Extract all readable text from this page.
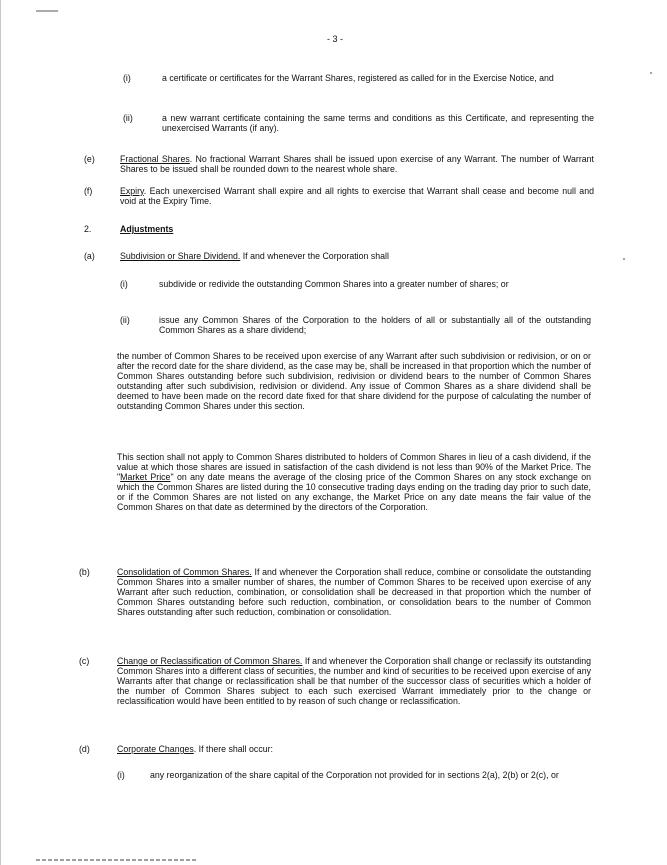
- 3 -
(i)	a certificate or certificates for the Warrant Shares, registered as called for in the Exercise Notice, and
(ii)	a new warrant certificate containing the same terms and conditions as this Certificate, and representing the unexercised Warrants (if any).
(e)	Fractional Shares. No fractional Warrant Shares shall be issued upon exercise of any Warrant. The number of Warrant Shares to be issued shall be rounded down to the nearest whole share.
(f)	Expiry. Each unexercised Warrant shall expire and all rights to exercise that Warrant shall cease and become null and void at the Expiry Time.
2.	Adjustments
(a)	Subdivision or Share Dividend. If and whenever the Corporation shall
(i)	subdivide or redivide the outstanding Common Shares into a greater number of shares; or
(ii)	issue any Common Shares of the Corporation to the holders of all or substantially all of the outstanding Common Shares as a share dividend;
the number of Common Shares to be received upon exercise of any Warrant after such subdivision or redivision, or on or after the record date for the share dividend, as the case may be, shall be increased in that proportion which the number of Common Shares outstanding before such subdivision, redivision or dividend bears to the number of Common Shares outstanding after such subdivision, redivision or dividend. Any issue of Common Shares as a share dividend shall be deemed to have been made on the record date fixed for that share dividend for the purpose of calculating the number of outstanding Common Shares under this section.
This section shall not apply to Common Shares distributed to holders of Common Shares in lieu of a cash dividend, if the value at which those shares are issued in satisfaction of the cash dividend is not less than 90% of the Market Price. The "Market Price" on any date means the average of the closing price of the Common Shares on any stock exchange on which the Common Shares are listed during the 10 consecutive trading days ending on the trading day prior to such date, or if the Common Shares are not listed on any exchange, the Market Price on any date means the fair value of the Common Shares on that date as determined by the directors of the Corporation.
(b)	Consolidation of Common Shares. If and whenever the Corporation shall reduce, combine or consolidate the outstanding Common Shares into a smaller number of shares, the number of Common Shares to be received upon exercise of any Warrant after such reduction, combination, or consolidation shall be decreased in that proportion which the number of Common Shares outstanding before such reduction, combination, or consolidation bears to the number of Common Shares outstanding after such reduction, combination or consolidation.
(c)	Change or Reclassification of Common Shares. If and whenever the Corporation shall change or reclassify its outstanding Common Shares into a different class of securities, the number and kind of securities to be received upon exercise of any Warrants after that change or reclassification shall be that number of the successor class of securities which a holder of the number of Common Shares subject to each such exercised Warrant immediately prior to the change or reclassification would have been entitled to by reason of such change or reclassification.
(d)	Corporate Changes. If there shall occur:
(i)	any reorganization of the share capital of the Corporation not provided for in sections 2(a), 2(b) or 2(c), or
